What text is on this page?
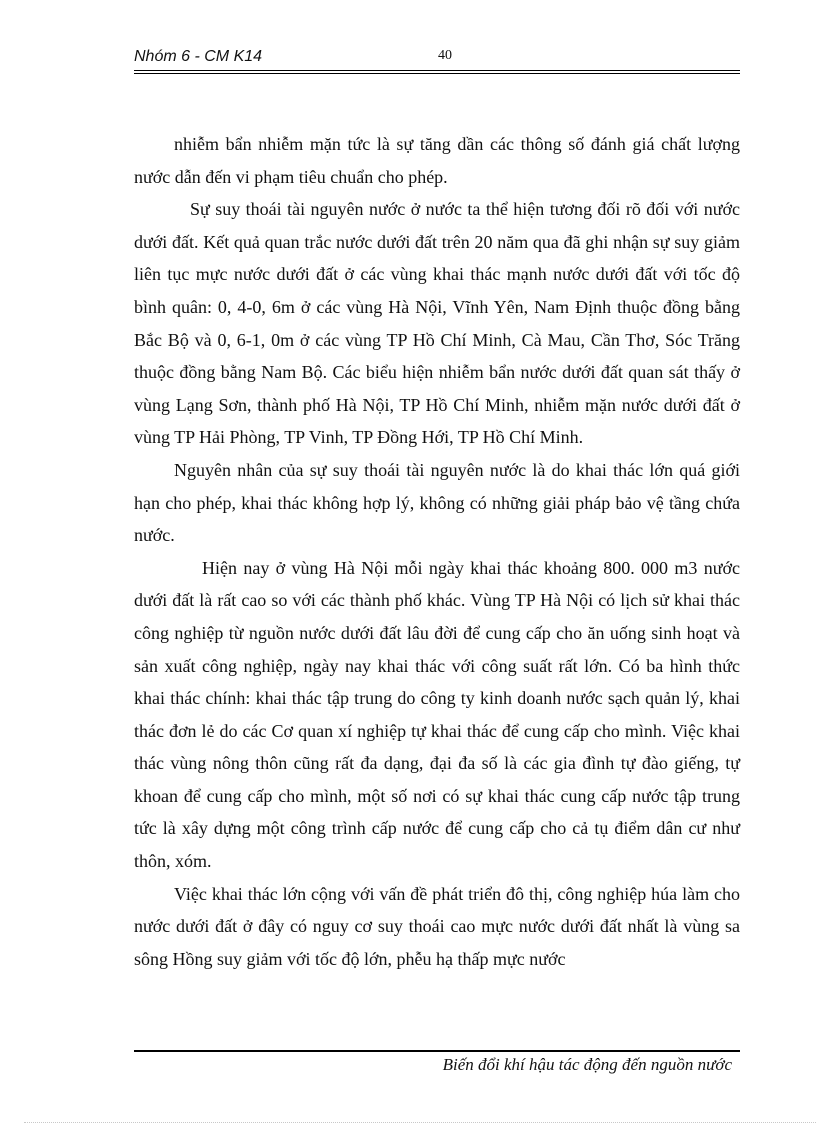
Nhóm 6 - CM K14	40

nhiễm bẩn nhiễm mặn tức là sự tăng dần các thông số đánh giá chất lượng nước dẫn đến vi phạm tiêu chuẩn cho phép.

Sự suy thoái tài nguyên nước ở nước ta thể hiện tương đối rõ đối với nước dưới đất. Kết quả quan trắc nước dưới đất trên 20 năm qua đã ghi nhận sự suy giảm liên tục mực nước dưới đất ở các vùng khai thác mạnh nước dưới đất với tốc độ bình quân: 0, 4-0, 6m ở các vùng Hà Nội, Vĩnh Yên, Nam Định thuộc đồng bằng Bắc Bộ và 0, 6-1, 0m ở các vùng TP Hồ Chí Minh, Cà Mau, Cần Thơ, Sóc Trăng thuộc đồng bằng Nam Bộ. Các biểu hiện nhiễm bẩn nước dưới đất quan sát thấy ở vùng Lạng Sơn, thành phố Hà Nội, TP Hồ Chí Minh, nhiễm mặn nước dưới đất ở vùng TP Hải Phòng, TP Vinh, TP Đồng Hới, TP Hồ Chí Minh.

Nguyên nhân của sự suy thoái tài nguyên nước là do khai thác lớn quá giới hạn cho phép, khai thác không hợp lý, không có những giải pháp bảo vệ tầng chứa nước.

Hiện nay ở vùng Hà Nội mỗi ngày khai thác khoảng 800. 000 m3 nước dưới đất là rất cao so với các thành phố khác. Vùng TP Hà Nội có lịch sử khai thác công nghiệp từ nguồn nước dưới đất lâu đời để cung cấp cho ăn uống sinh hoạt và sản xuất công nghiệp, ngày nay khai thác với công suất rất lớn. Có ba hình thức khai thác chính: khai thác tập trung do công ty kinh doanh nước sạch quản lý, khai thác đơn lẻ do các Cơ quan xí nghiệp tự khai thác để cung cấp cho mình. Việc khai thác vùng nông thôn cũng rất đa dạng, đại đa số là các gia đình tự đào giếng, tự khoan để cung cấp cho mình, một số nơi có sự khai thác cung cấp nước tập trung tức là xây dựng một công trình cấp nước để cung cấp cho cả tụ điểm dân cư như thôn, xóm.

Việc khai thác lớn cộng với vấn đề phát triển đô thị, công nghiệp húa làm cho nước dưới đất ở đây có nguy cơ suy thoái cao mực nước dưới đất nhất là vùng sa sông Hồng suy giảm với tốc độ lớn, phễu hạ thấp mực nước

Biến đổi khí hậu tác động đến nguồn nước
